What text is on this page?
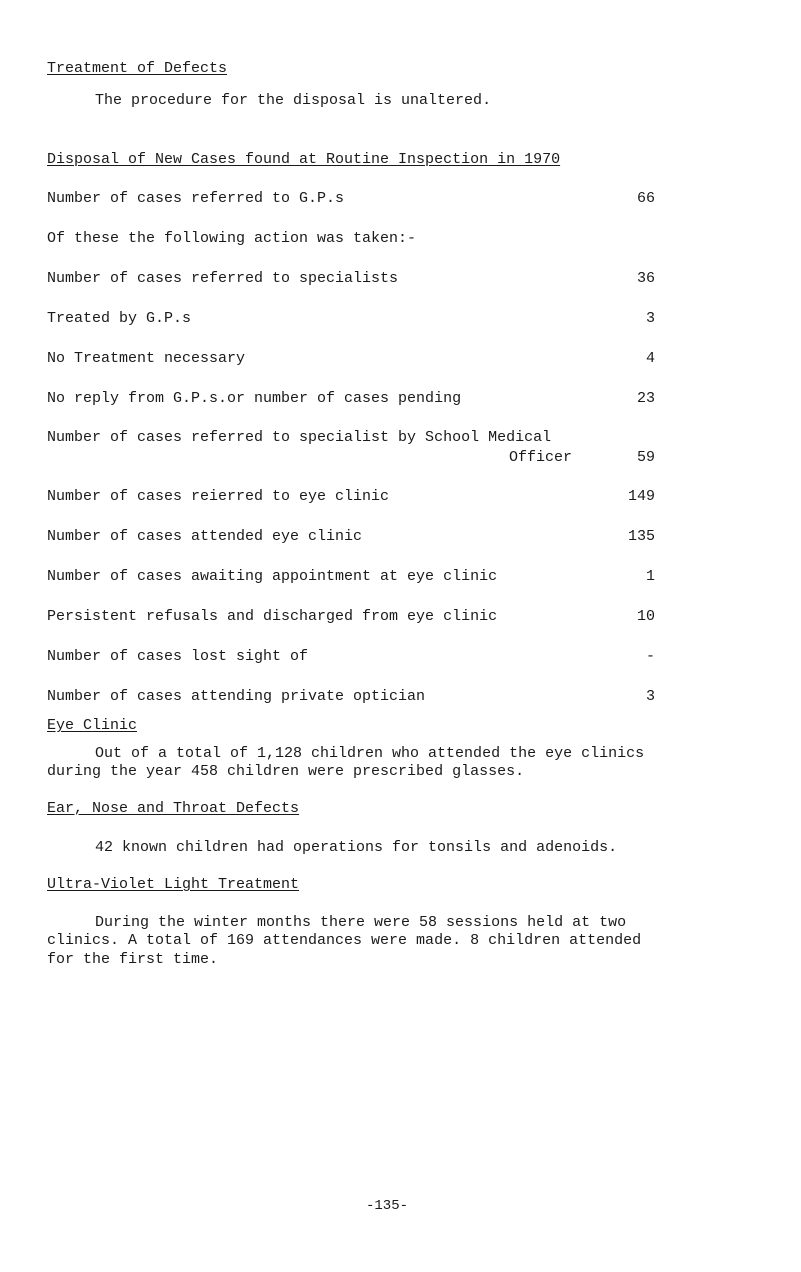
Treatment of Defects
The procedure for the disposal is unaltered.
Disposal of New Cases found at Routine Inspection in 1970
Number of cases referred to G.P.s	66
Of these the following action was taken:-
Number of cases referred to specialists	36
Treated by G.P.s	3
No Treatment necessary	4
No reply from G.P.s.or number of cases pending	23
Number of cases referred to specialist by School Medical
Officer	59
Number of cases reierred to eye clinic	149
Number of cases attended eye clinic	135
Number of cases awaiting appointment at eye clinic	1
Persistent refusals and discharged from eye clinic	10
Number of cases lost sight of	-
Number of cases attending private optician	3
Eye Clinic
Out of a total of 1,128 children who attended the eye clinics
during the year 458 children were prescribed glasses.
Ear, Nose and Throat Defects
42 known children had operations for tonsils and adenoids.
Ultra-Violet Light Treatment
During the winter months there were 58 sessions held at two
clinics. A total of 169 attendances were made. 8 children attended
for the first time.
-135-
